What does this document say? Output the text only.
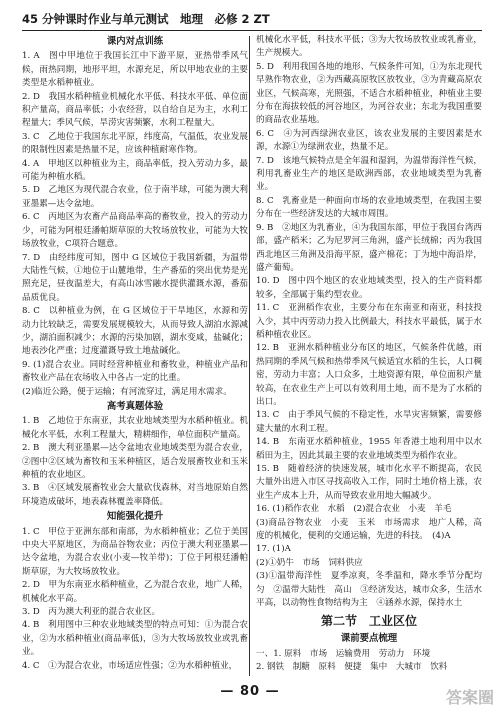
45 分钟课时作业与单元测试　地理　必修 2 ZT
课内对点训练

1. A　图中甲地位于我国长江中下游平原，亚热带季风气候，雨热同期，地形平坦，水源充足，所以甲地农业的主要类型是水稻种植业。

2. D　我国水稻种植业机械化水平低、科技水平低、单位面积产量高，商品率低；小农经营，以自给自足为主，水利工程量大；季风气候，旱涝灾害频繁，水利工程量大。

3. C　乙地位于我国东北平原，纬度高，气温低，农业发展的限制性因素是热量不足，应该种植耐寒作物。

4. A　甲地区以种植业为主，商品率低，投入劳动力多，最可能为种植水稻。

5. D　乙地区为现代混合农业，位于南半球，可能为澳大利亚墨累—达令盆地。

6. C　丙地区为农畜产品商品率高的畜牧业，投入的劳动力少，可能为阿根廷潘帕斯草原的大牧场放牧业，可能为大牧场放牧业，C项符合题意。

7. D　由经纬度可知，图中 G 区域位于我国新疆，为温带大陆性气候，①地位于山麓地带，生产番茄的突出优势是光照充足，昼夜温差大，有高山冰雪融水提供灌溉水源，番茄品质优良。

8. C　以种植业为例，在 G 区域位于干旱地区，水源和劳动力比较缺乏，需要发展规模较大，从而导致人湖泊水源减少，湖泊面积减少；水源的污染加剧，湖水变咸，盐碱化；地表沙化严重；过度灌溉导致土地盐碱化。

9. (1)混合农业。同时经营种植业和畜牧业，种植业产品和畜牧业产品在农场收入中各占一定的比重。

(2)临近公路，便于运输；有河流穿过，满足用水需求。

高考真题体验

1. B　乙地位于东南亚，其农业地域类型为水稻种植业。机械化水平低，水利工程量大，精耕细作，单位面积产量高。

2. B　澳大利亚墨累—达令盆地农业地域类型为混合农业，②图中②区域为畜牧和玉米种植区，适合发展畜牧业和玉米种植的农业地区。

3. B　④区域发展畜牧业会大量砍伐森林，对当地原始自然环境造成破坏，地表森林覆盖率降低。

知能强化提升

1. C　甲位于亚洲东部和南部，为水稻种植业；乙位于美国中央大平原地区，为商品谷物农业；丙位于澳大利亚墨累—达令盆地，为混合农业(小麦—牧羊带)；丁位于阿根廷潘帕斯草原，为大牧场放牧业。

2. D　甲为东南亚水稻种植业，乙为混合农业，地广人稀，机械化水平高。

3. D　丙为澳大利亚的混合农业区。

4. B　利用图中三种农业地域类型的特点可知：①为混合农业，②为水稻种植业(商品率低)，③为大牧场放牧业或乳畜业。

4. C　①为混合农业，市场适应性强；②为水稻种植业，

机械化水平低，科技水平低；③为大牧场放牧业或乳畜业，生产规模大。

5. D　利用我国各地的地形、气候条件可知，①为东北现代早熟作物农业，②为西藏高原牧区放牧业，③为青藏高原农业区，气候高寒，光照强，不适合水稻种植业，种植业主要分布在海拔较低的河谷地区，为河谷农业；东北为我国重要的商品农业基地。

6. C　④为河西绿洲农业区，该农业发展的主要因素是水源，水源①为绿洲农业，热量不足。

7. D　该地气候特点是全年温和湿润，为温带海洋性气候，利用乳畜业生产的地区是欧洲西部，农业地域类型为乳畜业。

8. C　乳畜业是一种面向市场的农业地域类型，在我国主要分布在一些经济发达的大城市周围。

9. B　②地区为乳畜业，④为我国东部，甲位于我国台湾西部，盛产稻米；乙为尼罗河三角洲，盛产长绒棉；丙为我国西北地区三角洲及沿海平原，盛产棉花；丁为地中海沿岸，盛产葡萄。

10. D　图中四个地区的农业地域类型，投入的生产资料都较多，全部属于集约型农业。

11. C　亚洲稻作农业，主要分布在东南亚和南亚，科技投入少，其中丙劳动力投入比例最大，科技水平最低，属于水稻种植农业区。

12. B　亚洲水稻种植业分布区的地区，气候条件优越，雨热同期的季风气候和热带季风气候适宜水稻的生长，人口稠密，劳动力丰富；人口众多，土地资源有限，单位面积产量较高，在农业生产上可以有效利用土地，而不是为了水稻的出口。

13. C　由于季风气候的不稳定性，水旱灾害频繁，需要修建大量的水利工程。

14. B　东南亚水稻种植业，1955 年香港土地利用中以水稻田为主，因此其最主要的农业地域类型为稻作农业。

15. B　随着经济的快速发展，城市化水平不断提高，农民大量外出进入市区寻找高收入工作，同时土地价格上涨，农业生产成本上升，从而导致农业用地大幅减少。

16. (1)稻作农业　水稻　(2)混合农业　小麦　羊毛

(3)商品谷物农业　小麦　玉米　市场需求　地广人稀，高度的机械化，便利的交通运输，先进的科技。　(4)A

17. (1)A

(2)①奶牛　市场　饲料供应

(3)①温带海洋性　夏季凉爽，冬季温和，降水季节分配均匀　②温带大陆性　高山　③经济发达，城市众多，生活水平高，以动物性食物结构为主　④涵养水源，保持水土

第二节　工业区位
课前要点梳理

一、1. 原料　市场　运输费用　劳动力　环境

2. 钢铁　制糖　原料　便捷　集中　大城市　饮料

— 80 —	答案圈
